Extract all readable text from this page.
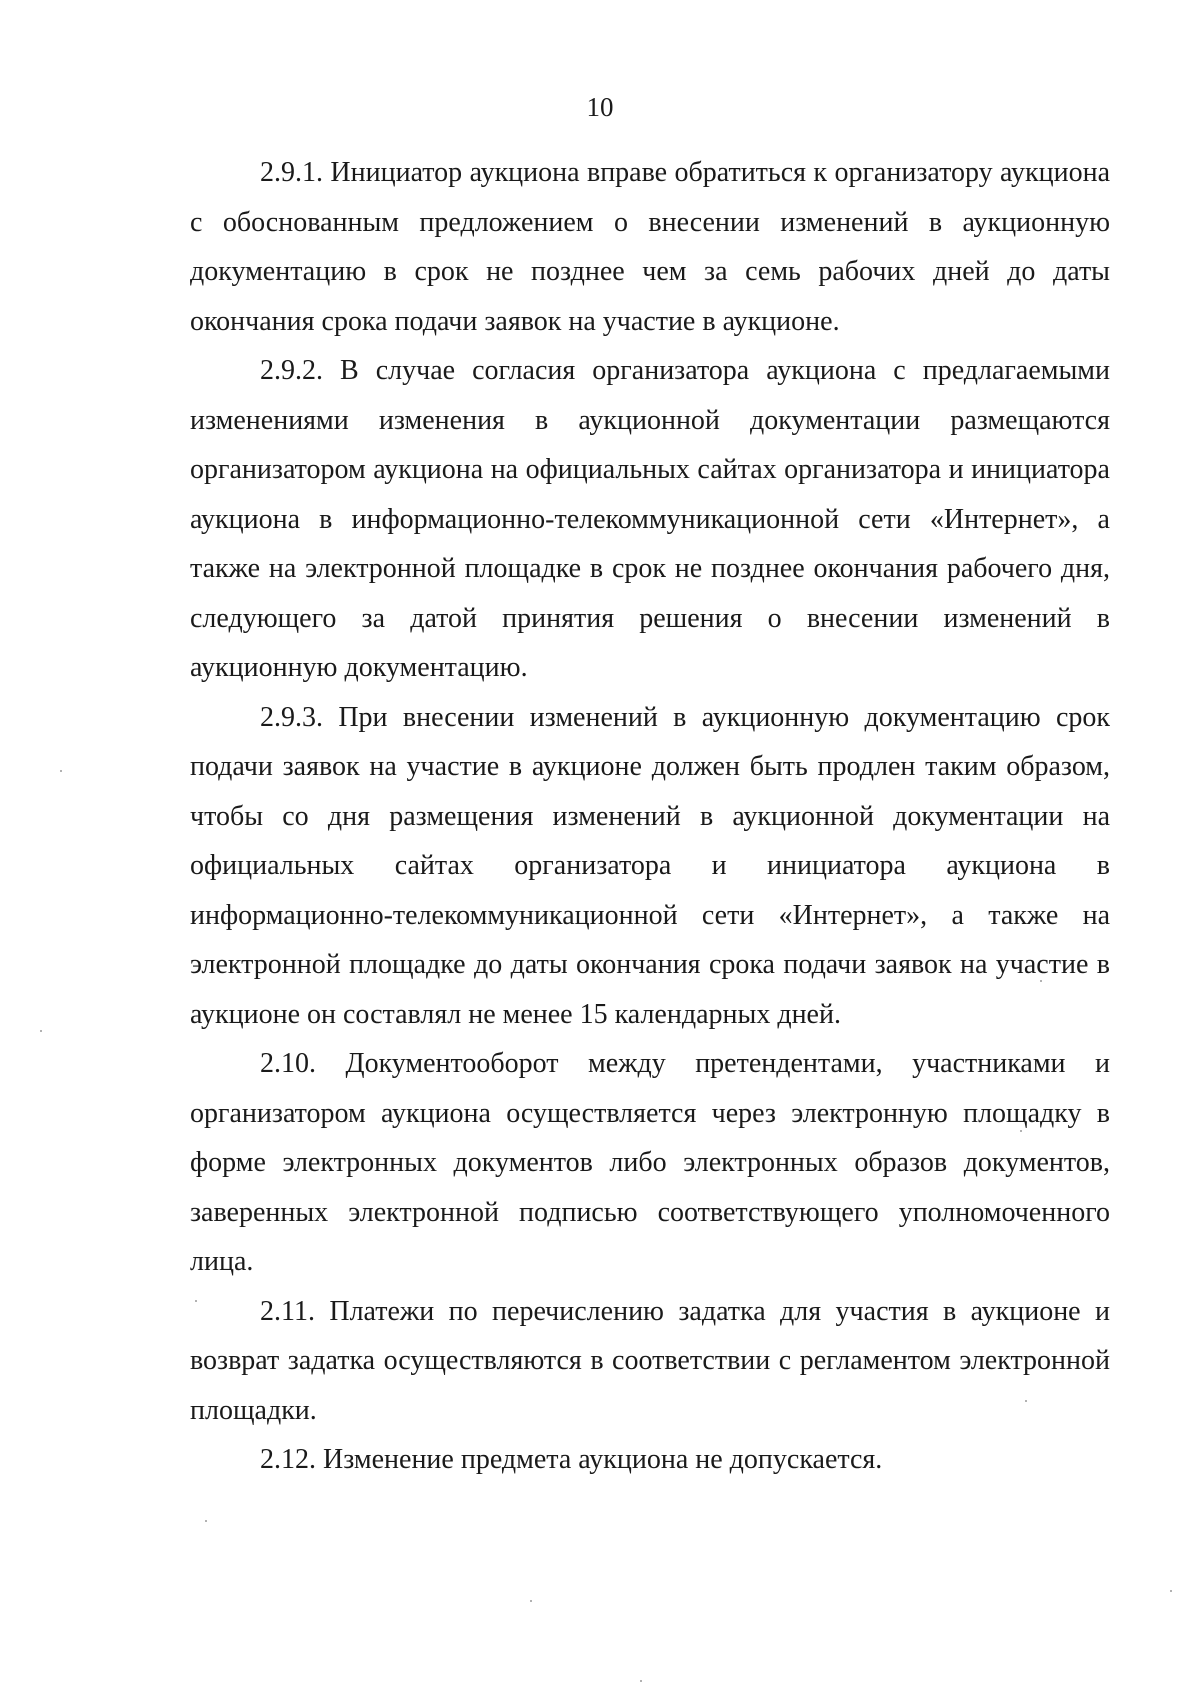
10

2.9.1. Инициатор аукциона вправе обратиться к организатору аукциона с обоснованным предложением о внесении изменений в аукционную документацию в срок не позднее чем за семь рабочих дней до даты окончания срока подачи заявок на участие в аукционе.

2.9.2. В случае согласия организатора аукциона с предлагаемыми изменениями изменения в аукционной документации размещаются организатором аукциона на официальных сайтах организатора и инициатора аукциона в информационно-телекоммуникационной сети «Интернет», а также на электронной площадке в срок не позднее окончания рабочего дня, следующего за датой принятия решения о внесении изменений в аукционную документацию.

2.9.3. При внесении изменений в аукционную документацию срок подачи заявок на участие в аукционе должен быть продлен таким образом, чтобы со дня размещения изменений в аукционной документации на официальных сайтах организатора и инициатора аукциона в информационно-телекоммуникационной сети «Интернет», а также на электронной площадке до даты окончания срока подачи заявок на участие в аукционе он составлял не менее 15 календарных дней.

2.10. Документооборот между претендентами, участниками и организатором аукциона осуществляется через электронную площадку в форме электронных документов либо электронных образов документов, заверенных электронной подписью соответствующего уполномоченного лица.

2.11. Платежи по перечислению задатка для участия в аукционе и возврат задатка осуществляются в соответствии с регламентом электронной площадки.

2.12. Изменение предмета аукциона не допускается.
